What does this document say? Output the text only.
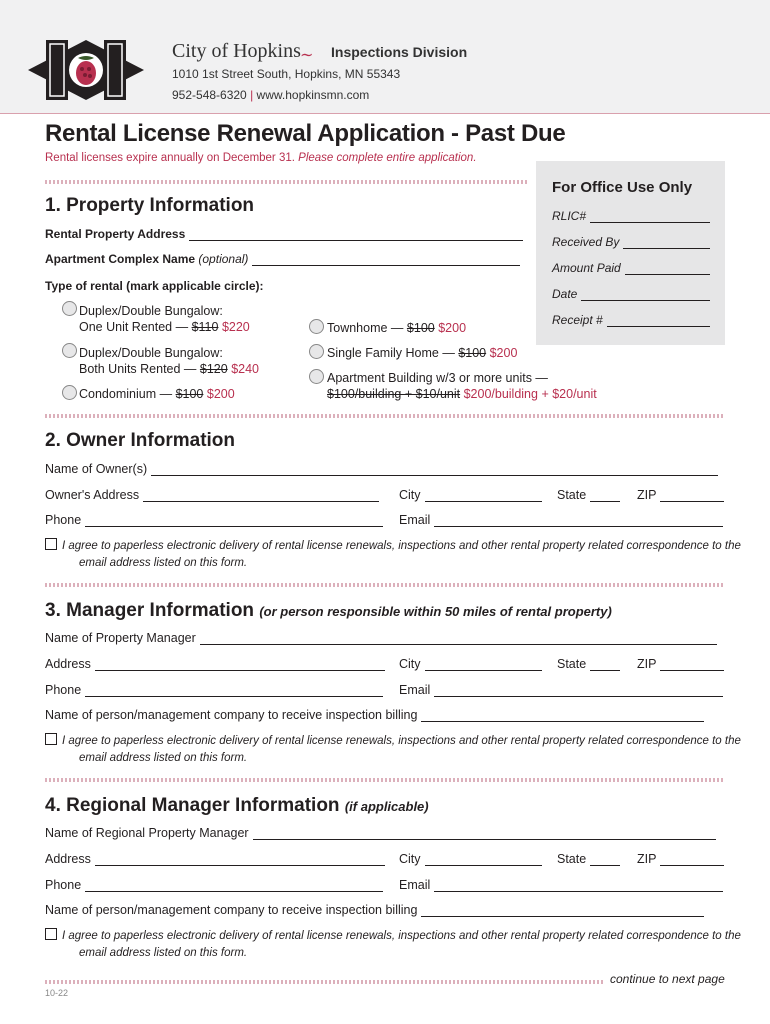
City of Hopkins ∼ Inspections Division
1010 1st Street South, Hopkins, MN 55343
952-548-6320 | www.hopkinsmn.com
Rental License Renewal Application - Past Due
Rental licenses expire annually on December 31. Please complete entire application.
For Office Use Only
RLIC#
Received By
Amount Paid
Date
Receipt #
1. Property Information
Rental Property Address
Apartment Complex Name
(optional)
Type of rental (mark applicable circle):
Duplex/Double Bungalow:
One Unit Rented — $110 $220
Duplex/Double Bungalow:
Both Units Rented — $120 $240
Condominium — $100 $200
Townhome — $100 $200
Single Family Home — $100 $200
Apartment Building w/3 or more units —
$100/building + $10/unit $200/building + $20/unit
2. Owner Information
Name of Owner(s)
Owner's Address	City	State	ZIP
Phone	Email
I agree to paperless electronic delivery of rental license renewals, inspections and other rental property related correspondence to the
email address listed on this form.
3. Manager Information (or person responsible within 50 miles of rental property)
Name of Property Manager
Address	City	State	ZIP
Phone	Email
Name of person/management company to receive inspection billing
I agree to paperless electronic delivery of rental license renewals, inspections and other rental property related correspondence to the
email address listed on this form.
4. Regional Manager Information (if applicable)
Name of Regional Property Manager
Address	City	State	ZIP
Phone	Email
Name of person/management company to receive inspection billing
I agree to paperless electronic delivery of rental license renewals, inspections and other rental property related correspondence to the
email address listed on this form.
continue to next page
10-22
